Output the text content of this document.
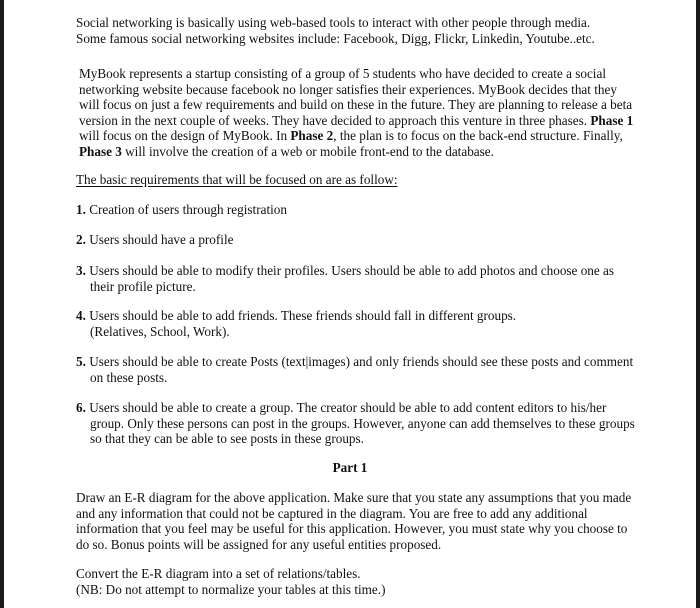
Social networking is basically using web-based tools to interact with other people through media.
Some famous social networking websites include: Facebook, Digg, Flickr, Linkedin, Youtube..etc.

MyBook represents a startup consisting of a group of 5 students who have decided to create a social networking website because facebook no longer satisfies their experiences. MyBook decides that they will focus on just a few requirements and build on these in the future. They are planning to release a beta version in the next couple of weeks. They have decided to approach this venture in three phases. Phase 1 will focus on the design of MyBook. In Phase 2, the plan is to focus on the back-end structure. Finally, Phase 3 will involve the creation of a web or mobile front-end to the database.

The basic requirements that will be focused on are as follow:

1. Creation of users through registration
2. Users should have a profile
3. Users should be able to modify their profiles. Users should be able to add photos and choose one as their profile picture.
4. Users should be able to add friends. These friends should fall in different groups.
(Relatives, School, Work).
5. Users should be able to create Posts (text|images) and only friends should see these posts and comment on these posts.
6. Users should be able to create a group. The creator should be able to add content editors to his/her group. Only these persons can post in the groups. However, anyone can add themselves to these groups so that they can be able to see posts in these groups.

Part 1

Draw an E-R diagram for the above application. Make sure that you state any assumptions that you made and any information that could not be captured in the diagram. You are free to add any additional information that you feel may be useful for this application. However, you must state why you choose to do so. Bonus points will be assigned for any useful entities proposed.

Convert the E-R diagram into a set of relations/tables.
(NB: Do not attempt to normalize your tables at this time.)
